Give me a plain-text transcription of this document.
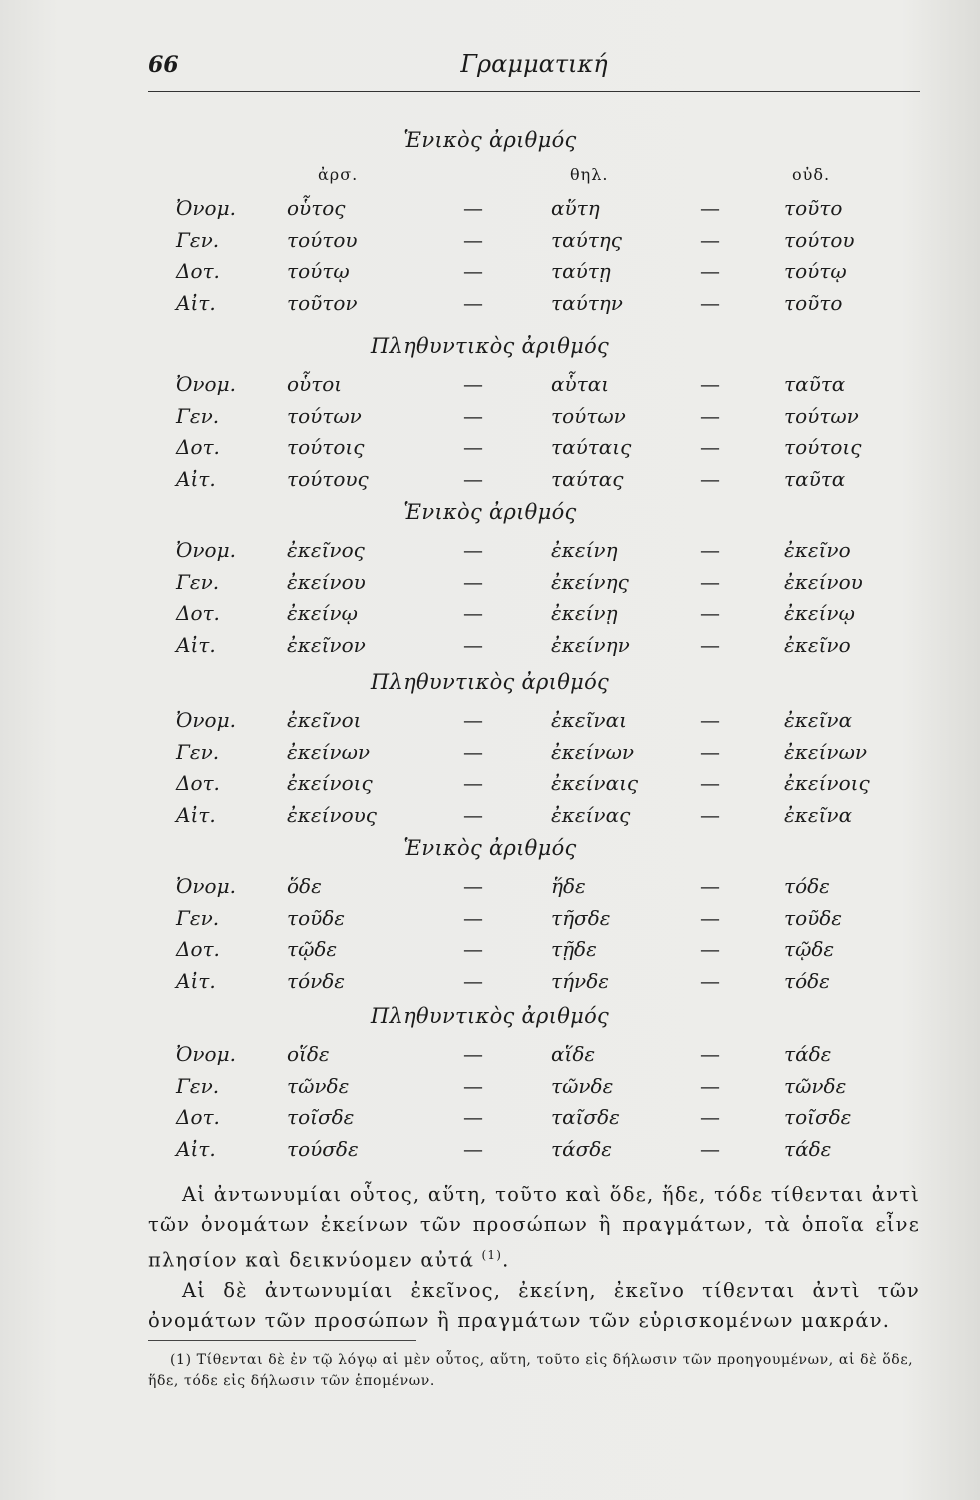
66	Γραμματική
ἀρσ.	θηλ.	οὐδ.
Ἑνικὸς ἀριθμός
Ὀνομ.	οὗτος	—	αὕτη	—	τοῦτο
Γεν.	τούτου	—	ταύτης	—	τούτου
Δοτ.	τούτῳ	—	ταύτῃ	—	τούτῳ
Αἰτ.	τοῦτον	—	ταύτην	—	τοῦτο
Πληθυντικὸς ἀριθμός
Ὀνομ.	οὗτοι	—	αὗται	—	ταῦτα
Γεν.	τούτων	—	τούτων	—	τούτων
Δοτ.	τούτοις	—	ταύταις	—	τούτοις
Αἰτ.	τούτους	—	ταύτας	—	ταῦτα
Ἑνικὸς ἀριθμός
Ὀνομ.	ἐκεῖνος	—	ἐκείνη	—	ἐκεῖνο
Γεν.	ἐκείνου	—	ἐκείνης	—	ἐκείνου
Δοτ.	ἐκείνῳ	—	ἐκείνῃ	—	ἐκείνῳ
Αἰτ.	ἐκεῖνον	—	ἐκείνην	—	ἐκεῖνο
Πληθυντικὸς ἀριθμός
Ὀνομ.	ἐκεῖνοι	—	ἐκεῖναι	—	ἐκεῖνα
Γεν.	ἐκείνων	—	ἐκείνων	—	ἐκείνων
Δοτ.	ἐκείνοις	—	ἐκείναις	—	ἐκείνοις
Αἰτ.	ἐκείνους	—	ἐκείνας	—	ἐκεῖνα
Ἑνικὸς ἀριθμός
Ὀνομ.	ὅδε	—	ἥδε	—	τόδε
Γεν.	τοῦδε	—	τῆσδε	—	τοῦδε
Δοτ.	τῷδε	—	τῇδε	—	τῷδε
Αἰτ.	τόνδε	—	τήνδε	—	τόδε
Πληθυντικὸς ἀριθμός
Ὀνομ.	οἵδε	—	αἵδε	—	τάδε
Γεν.	τῶνδε	—	τῶνδε	—	τῶνδε
Δοτ.	τοῖσδε	—	ταῖσδε	—	τοῖσδε
Αἰτ.	τούσδε	—	τάσδε	—	τάδε

Αἱ ἀντωνυμίαι οὗτος, αὕτη, τοῦτο καὶ ὅδε, ἥδε, τόδε τίθενται ἀντὶ τῶν ὀνομάτων ἐκείνων τῶν προσώπων ἢ πραγμάτων, τὰ ὁποῖα εἶνε πλησίον καὶ δεικνύομεν αὐτά $^{(1)}$.

Αἱ δὲ ἀντωνυμίαι ἐκεῖνος, ἐκείνη, ἐκεῖνο τίθενται ἀντὶ τῶν ὀνομάτων τῶν προσώπων ἢ πραγμάτων τῶν εὑρισκομένων μακράν.

(1) Τίθενται δὲ ἐν τῷ λόγῳ αἱ μὲν οὗτος, αὕτη, τοῦτο εἰς δήλωσιν τῶν προηγουμένων, αἱ δὲ ὅδε, ἥδε, τόδε εἰς δήλωσιν τῶν ἑπομένων.
